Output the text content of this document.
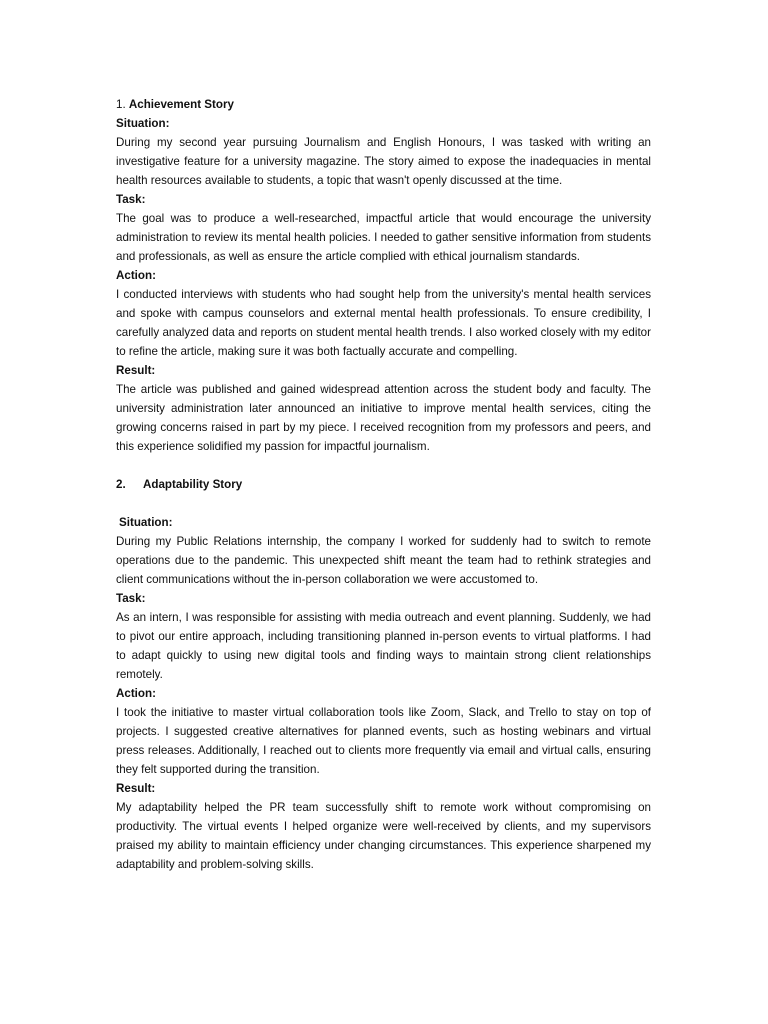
1. Achievement Story

Situation:

During my second year pursuing Journalism and English Honours, I was tasked with writing an investigative feature for a university magazine. The story aimed to expose the inadequacies in mental health resources available to students, a topic that wasn't openly discussed at the time.

Task:

The goal was to produce a well-researched, impactful article that would encourage the university administration to review its mental health policies. I needed to gather sensitive information from students and professionals, as well as ensure the article complied with ethical journalism standards.

Action:

I conducted interviews with students who had sought help from the university's mental health services and spoke with campus counselors and external mental health professionals. To ensure credibility, I carefully analyzed data and reports on student mental health trends. I also worked closely with my editor to refine the article, making sure it was both factually accurate and compelling.

Result:

The article was published and gained widespread attention across the student body and faculty. The university administration later announced an initiative to improve mental health services, citing the growing concerns raised in part by my piece. I received recognition from my professors and peers, and this experience solidified my passion for impactful journalism.

2. Adaptability Story

Situation:

During my Public Relations internship, the company I worked for suddenly had to switch to remote operations due to the pandemic. This unexpected shift meant the team had to rethink strategies and client communications without the in-person collaboration we were accustomed to.

Task:

As an intern, I was responsible for assisting with media outreach and event planning. Suddenly, we had to pivot our entire approach, including transitioning planned in-person events to virtual platforms. I had to adapt quickly to using new digital tools and finding ways to maintain strong client relationships remotely.

Action:

I took the initiative to master virtual collaboration tools like Zoom, Slack, and Trello to stay on top of projects. I suggested creative alternatives for planned events, such as hosting webinars and virtual press releases. Additionally, I reached out to clients more frequently via email and virtual calls, ensuring they felt supported during the transition.

Result:

My adaptability helped the PR team successfully shift to remote work without compromising on productivity. The virtual events I helped organize were well-received by clients, and my supervisors praised my ability to maintain efficiency under changing circumstances. This experience sharpened my adaptability and problem-solving skills.
